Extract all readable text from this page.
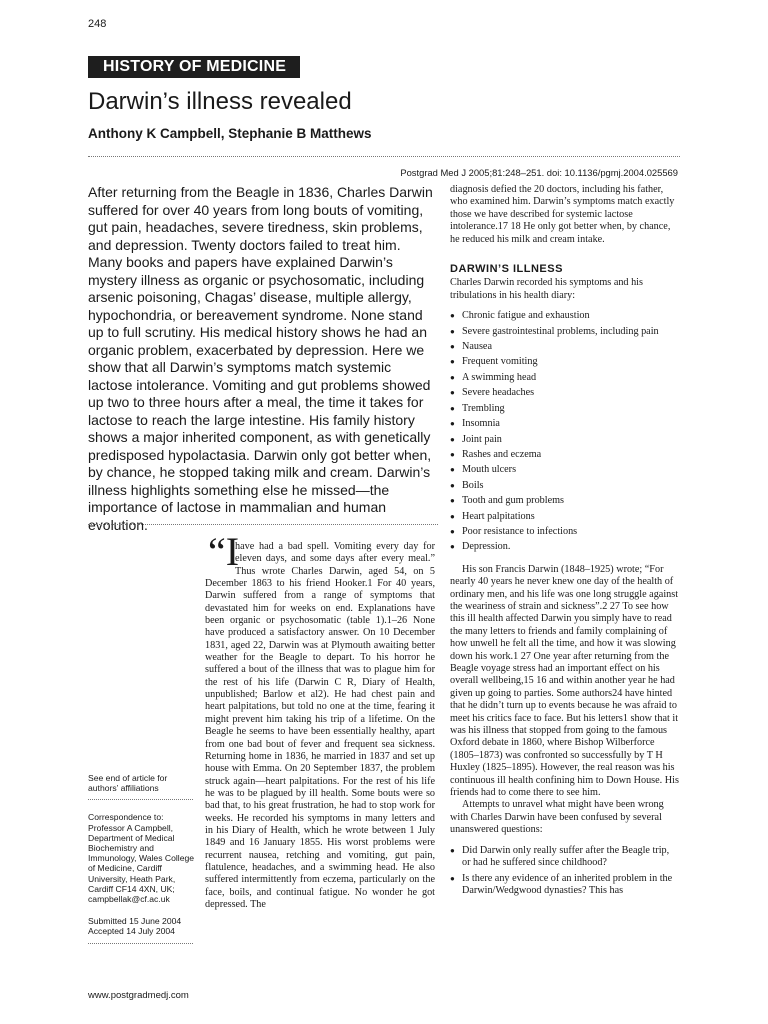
248
HISTORY OF MEDICINE
Darwin’s illness revealed
Anthony K Campbell, Stephanie B Matthews
Postgrad Med J 2005;81:248–251. doi: 10.1136/pgmj.2004.025569

After returning from the Beagle in 1836, Charles Darwin suffered for over 40 years from long bouts of vomiting, gut pain, headaches, severe tiredness, skin problems, and depression. Twenty doctors failed to treat him. Many books and papers have explained Darwin’s mystery illness as organic or psychosomatic, including arsenic poisoning, Chagas’ disease, multiple allergy, hypochondria, or bereavement syndrome. None stand up to full scrutiny. His medical history shows he had an organic problem, exacerbated by depression. Here we show that all Darwin’s symptoms match systemic lactose intolerance. Vomiting and gut problems showed up two to three hours after a meal, the time it takes for lactose to reach the large intestine. His family history shows a major inherited component, as with genetically predisposed hypolactasia. Darwin only got better when, by chance, he stopped taking milk and cream. Darwin’s illness highlights something else he missed—the importance of lactose in mammalian and human evolution.

diagnosis defied the 20 doctors, including his father, who examined him. Darwin’s symptoms match exactly those we have described for systemic lactose intolerance.17 18 He only got better when, by chance, he reduced his milk and cream intake.

DARWIN’S ILLNESS

Charles Darwin recorded his symptoms and his tribulations in his health diary:

● Chronic fatigue and exhaustion
● Severe gastrointestinal problems, including pain
● Nausea
● Frequent vomiting
● A swimming head
● Severe headaches
● Trembling
● Insomnia
● Joint pain
● Rashes and eczema
● Mouth ulcers
● Boils
● Tooth and gum problems
● Heart palpitations
● Poor resistance to infections
● Depression.

His son Francis Darwin (1848–1925) wrote; “For nearly 40 years he never knew one day of the health of ordinary men, and his life was one long struggle against the weariness of strain and sickness”.2 27 To see how this ill health affected Darwin you simply have to read the many letters to friends and family complaining of how unwell he felt all the time, and how it was slowing down his work.1 27 One year after returning from the Beagle voyage stress had an important effect on his overall wellbeing,15 16 and within another year he had given up going to parties. Some authors24 have hinted that he didn’t turn up to events because he was afraid to meet his critics face to face. But his letters1 show that it was his illness that stopped from going to the famous Oxford debate in 1860, where Bishop Wilberforce (1805–1873) was confronted so successfully by T H Huxley (1825–1895). However, the real reason was his continuous ill health confining him to Down House. His friends had to come there to see him.

Attempts to unravel what might have been wrong with Charles Darwin have been confused by several unanswered questions:

● Did Darwin only really suffer after the Beagle trip, or had he suffered since childhood?
● Is there any evidence of an inherited problem in the Darwin/Wedgwood dynasties? This has
“I

have had a bad spell. Vomiting every day for eleven days, and some days after every meal.” Thus wrote Charles Darwin, aged 54, on 5 December 1863 to his friend Hooker.1 For 40 years, Darwin suffered from a range of symptoms that devastated him for weeks on end. Explanations have been organic or psychosomatic (table 1).1–26 None have produced a satisfactory answer. On 10 December 1831, aged 22, Darwin was at Plymouth awaiting better weather for the Beagle to depart. To his horror he suffered a bout of the illness that was to plague him for the rest of his life (Darwin C R, Diary of Health, unpublished; Barlow et al2). He had chest pain and heart palpitations, but told no one at the time, fearing it might prevent him taking his trip of a lifetime. On the Beagle he seems to have been essentially healthy, apart from one bad bout of fever and frequent sea sickness. Returning home in 1836, he married in 1837 and set up house with Emma. On 20 September 1837, the problem struck again—heart palpitations. For the rest of his life he was to be plagued by ill health. Some bouts were so bad that, to his great frustration, he had to stop work for weeks. He recorded his symptoms in many letters and in his Diary of Health, which he wrote between 1 July 1849 and 16 January 1855. His worst problems were recurrent nausea, retching and vomiting, gut pain, flatulence, headaches, and a swimming head. He also suffered intermittently from eczema, particularly on the face, boils, and continual fatigue. No wonder he got depressed. The

See end of article for authors’ affiliations

Correspondence to: Professor A Campbell, Department of Medical Biochemistry and Immunology, Wales College of Medicine, Cardiff University, Heath Park, Cardiff CF14 4XN, UK; campbellak@cf.ac.uk

Submitted 15 June 2004

Accepted 14 July 2004

www.postgradmedj.com
